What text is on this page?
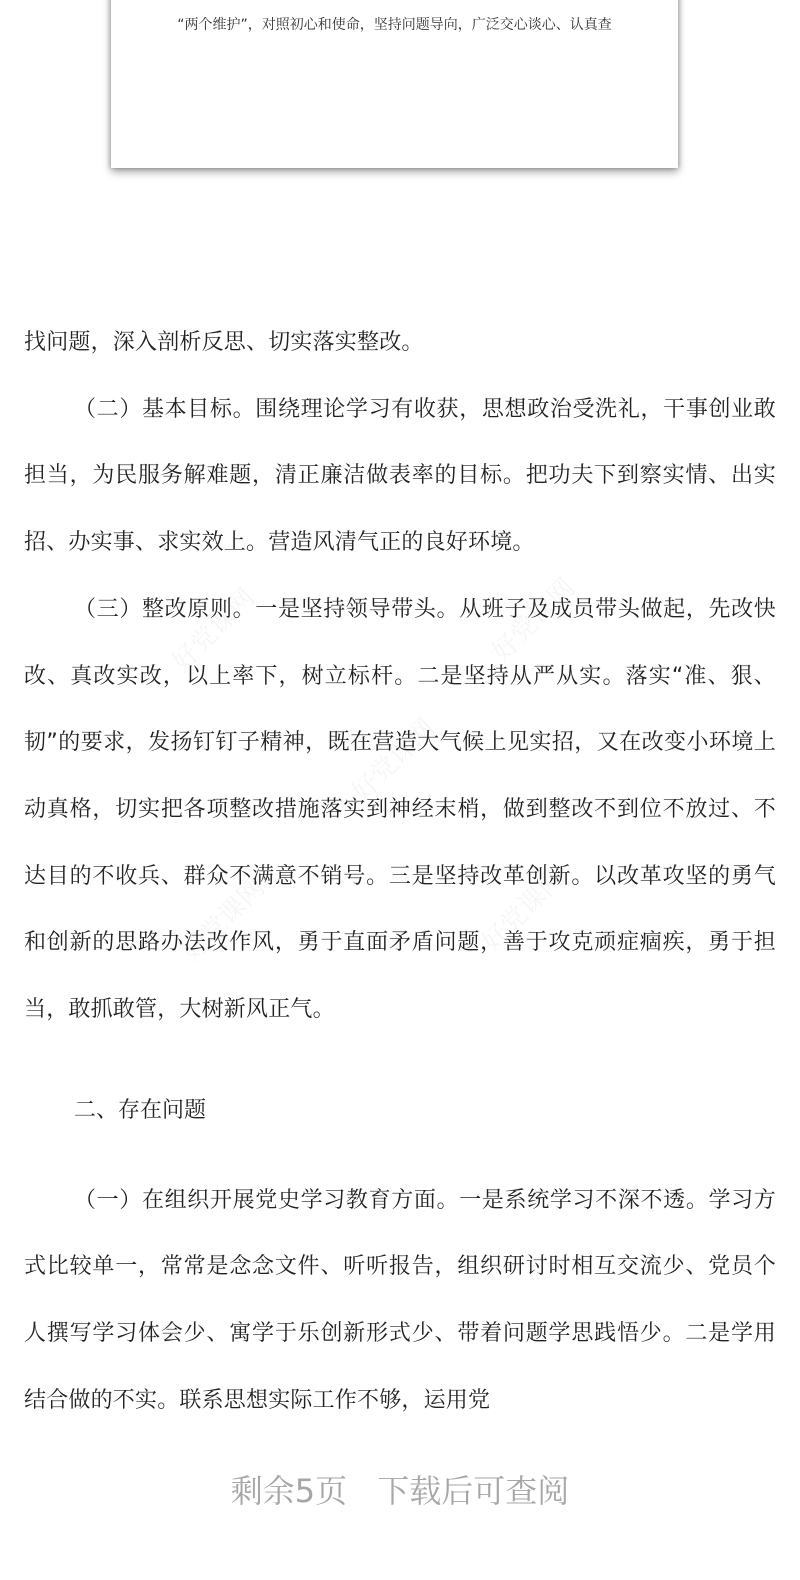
“两个维护”，对照初心和使命，坚持问题导向，广泛交心谈心、认真查
好党课网	好党课网
好党课网
好党课网	好党课网

找问题，深入剖析反思、切实落实整改。

（二）基本目标。围绕理论学习有收获，思想政治受洗礼，干事创业敢担当，为民服务解难题，清正廉洁做表率的目标。把功夫下到察实情、出实招、办实事、求实效上。营造风清气正的良好环境。

（三）整改原则。一是坚持领导带头。从班子及成员带头做起，先改快改、真改实改，以上率下，树立标杆。二是坚持从严从实。落实“准、狠、韧”的要求，发扬钉钉子精神，既在营造大气候上见实招，又在改变小环境上动真格，切实把各项整改措施落实到神经末梢，做到整改不到位不放过、不达目的不收兵、群众不满意不销号。三是坚持改革创新。以改革攻坚的勇气和创新的思路办法改作风，勇于直面矛盾问题，善于攻克顽症痼疾，勇于担当，敢抓敢管，大树新风正气。

二、存在问题

（一）在组织开展党史学习教育方面。一是系统学习不深不透。学习方式比较单一，常常是念念文件、听听报告，组织研讨时相互交流少、党员个人撰写学习体会少、寓学于乐创新形式少、带着问题学思践悟少。二是学用结合做的不实。联系思想实际工作不够，运用党

剩余5页 下载后可查阅
